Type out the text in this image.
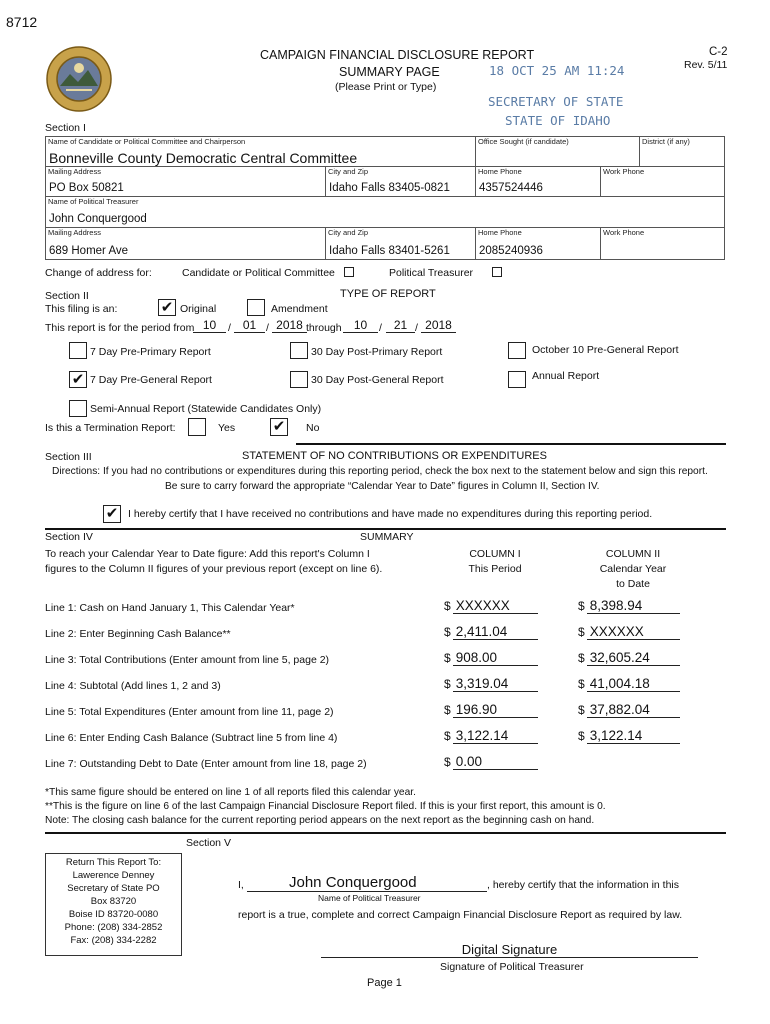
8712
CAMPAIGN FINANCIAL DISCLOSURE REPORT
SUMMARY PAGE
(Please Print or Type)
C-2
Rev. 5/11
18 OCT 25 AM 11:24
SECRETARY OF STATE
STATE OF IDAHO
Section I
Name of Candidate or Political Committee and Chairperson
Bonneville County Democratic Central Committee
Office Sought (if candidate)	District (if any)
Mailing Address
PO Box 50821
City and Zip
Idaho Falls 83405-0821
Home Phone
4357524446
Work Phone
Name of Political Treasurer
John Conquergood
Mailing Address
689 Homer Ave
City and Zip
Idaho Falls 83401-5261
Home Phone
2085240936
Work Phone
Change of address for:	Candidate or Political Committee	Political Treasurer
Section II	TYPE OF REPORT
This filing is an:	✔ Original	Amendment
This report is for the period from 10	/ 01 / 2018 through	10	/ 21 / 2018
7 Day Pre-Primary Report	30 Day Post-Primary Report	October 10 Pre-General Report
✔ 7 Day Pre-General Report	30 Day Post-General Report	Annual Report
Semi-Annual Report (Statewide Candidates Only)
Is this a Termination Report:	Yes	✔ No
Section III	STATEMENT OF NO CONTRIBUTIONS OR EXPENDITURES
Directions: If you had no contributions or expenditures during this reporting period, check the box next to the statement below and sign this report.
Be sure to carry forward the appropriate “Calendar Year to Date” figures in Column II, Section IV.
✔ I hereby certify that I have received no contributions and have made no expenditures during this reporting period.
Section IV	SUMMARY
To reach your Calendar Year to Date figure: Add this report's Column I
figures to the Column II figures of your previous report (except on line 6).
COLUMN I
This Period
COLUMN II
Calendar Year
to Date
Line 1: Cash on Hand January 1, This Calendar Year*	$ XXXXXX	$ 8,398.94
Line 2: Enter Beginning Cash Balance**	$ 2,411.04	$ XXXXXX
Line 3: Total Contributions (Enter amount from line 5, page 2)	$ 908.00	$ 32,605.24
Line 4: Subtotal (Add lines 1, 2 and 3)	$ 3,319.04	$ 41,004.18
Line 5: Total Expenditures (Enter amount from line 11, page 2)	$ 196.90	$ 37,882.04
Line 6: Enter Ending Cash Balance (Subtract line 5 from line 4)	$ 3,122.14	$ 3,122.14
Line 7: Outstanding Debt to Date (Enter amount from line 18, page 2)	$ 0.00
*This same figure should be entered on line 1 of all reports filed this calendar year.
**This is the figure on line 6 of the last Campaign Financial Disclosure Report filed. If this is your first report, this amount is 0.
Note: The closing cash balance for the current reporting period appears on the next report as the beginning cash on hand.
Section V
Return This Report To:
Lawerence Denney
Secretary of State PO
Box 83720
Boise ID 83720-0080
Phone: (208) 334-2852
Fax: (208) 334-2282
I,	John Conquergood
Name of Political Treasurer
, hereby certify that the information in this
report is a true, complete and correct Campaign Financial Disclosure Report as required by law.
Digital Signature
Signature of Political Treasurer
Page 1
